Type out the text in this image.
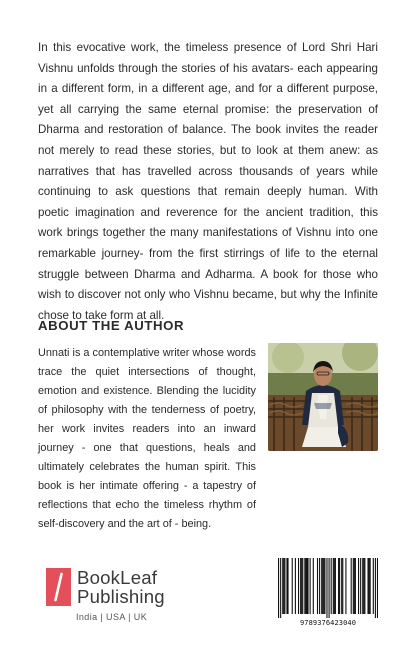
In this evocative work, the timeless presence of Lord Shri Hari Vishnu unfolds through the stories of his avatars- each appearing in a different form, in a different age, and for a different purpose, yet all carrying the same eternal promise: the preservation of Dharma and restoration of balance. The book invites the reader not merely to read these stories, but to look at them anew: as narratives that has travelled across thousands of years while continuing to ask questions that remain deeply human. With poetic imagination and reverence for the ancient tradition, this work brings together the many manifestations of Vishnu into one remarkable journey- from the first stirrings of life to the eternal struggle between Dharma and Adharma. A book for those who wish to discover not only who Vishnu became, but why the Infinite chose to take form at all.
ABOUT THE AUTHOR
Unnati is a contemplative writer whose words trace the quiet intersections of thought, emotion and existence. Blending the lucidity of philosophy with the tenderness of poetry, her work invites readers into an inward journey - one that questions, heals and ultimately celebrates the human spirit. This book is her intimate offering - a tapestry of reflections that echo the timeless rhythm of self-discovery and the art of - being.
BookLeaf
Publishing
India | USA | UK
9789376423040
